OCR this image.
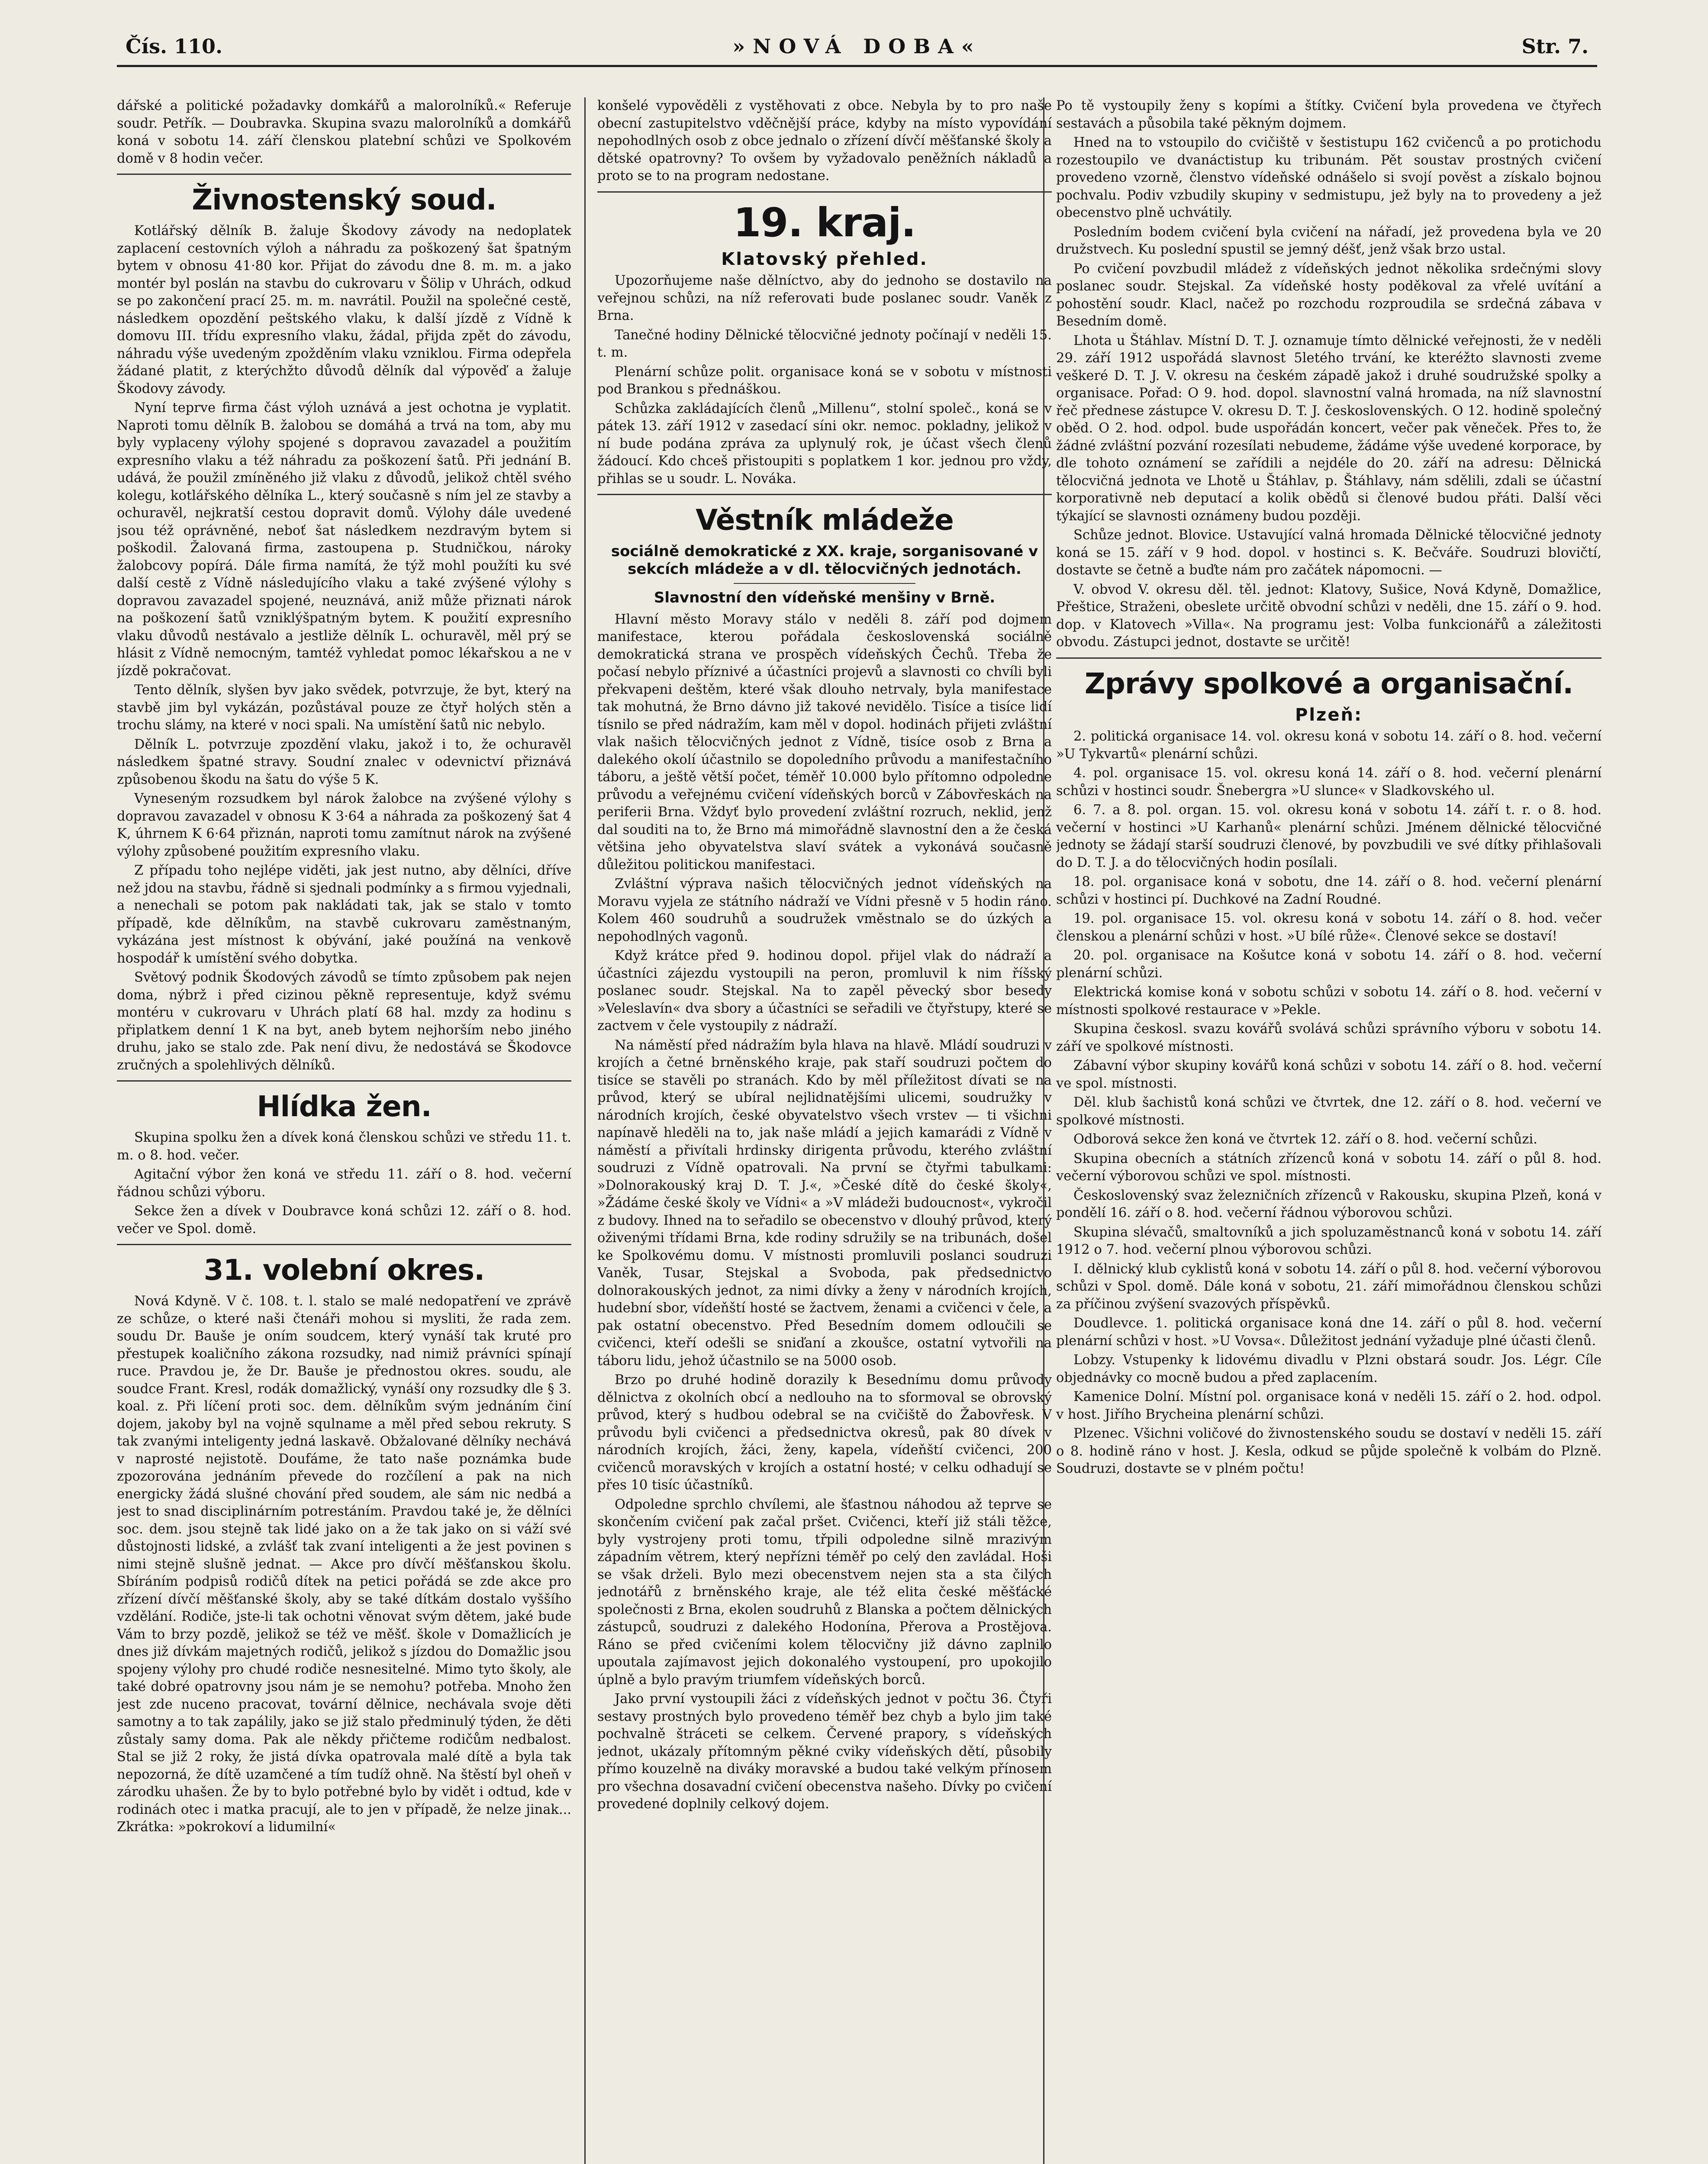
Čís. 110.	»NOVÁ DOBA«	Str. 7.

dářské a politické požadavky domkářů a malorolníků.« Referuje soudr. Petřík. — Doubravka. Skupina svazu malorolníků a domkářů koná v sobotu 14. září členskou platební schůzi ve Spolkovém domě v 8 hodin večer.

Živnostenský soud.

Kotlářský dělník B. žaluje Škodovy závody na nedoplatek zaplacení cestovních výloh a náhradu za poškozený šat špatným bytem v obnosu 41·80 kor. Přijat do závodu dne 8. m. m. a jako montér byl poslán na stavbu do cukrovaru v Šölip v Uhrách, odkud se po zakončení prací 25. m. m. navrátil. Použil na společné cestě, následkem opozdění peštského vlaku, k další jízdě z Vídně k domovu III. třídu expresního vlaku, žádal, přijda zpět do závodu, náhradu výše uvedeným zpožděním vlaku vzniklou. Firma odepřela žádané platit, z kterýchžto důvodů dělník dal výpověď a žaluje Škodovy závody.

Nyní teprve firma část výloh uznává a jest ochotna je vyplatit. Naproti tomu dělník B. žalobou se domáhá a trvá na tom, aby mu byly vyplaceny výlohy spojené s dopravou zavazadel a použitím expresního vlaku a též náhradu za poškození šatů. Při jednání B. udává, že použil zmíněného již vlaku z důvodů, jelikož chtěl svého kolegu, kotlářského dělníka L., který současně s ním jel ze stavby a ochuravěl, nejkratší cestou dopravit domů. Výlohy dále uvedené jsou též oprávněné, neboť šat následkem nezdravým bytem si poškodil. Žalovaná firma, zastoupena p. Studničkou, nároky žalobcovy popírá. Dále firma namítá, že týž mohl použíti ku své další cestě z Vídně následujícího vlaku a také zvýšené výlohy s dopravou zavazadel spojené, neuznává, aniž může přiznati nárok na poškození šatů vzniklýšpatným bytem. K použití expresního vlaku důvodů nestávalo a jestliže dělník L. ochuravěl, měl prý se hlásit z Vídně nemocným, tamtéž vyhledat pomoc lékařskou a ne v jízdě pokračovat.

Tento dělník, slyšen byv jako svědek, potvrzuje, že byt, který na stavbě jim byl vykázán, pozůstával pouze ze čtyř holých stěn a trochu slámy, na které v noci spali. Na umístění šatů nic nebylo.

Dělník L. potvrzuje zpozdění vlaku, jakož i to, že ochuravěl následkem špatné stravy. Soudní znalec v odevnictví přiznává způsobenou škodu na šatu do výše 5 K.

Vyneseným rozsudkem byl nárok žalobce na zvýšené výlohy s dopravou zavazadel v obnosu K 3·64 a náhrada za poškozený šat 4 K, úhrnem K 6·64 přiznán, naproti tomu zamítnut nárok na zvýšené výlohy způsobené použitím expresního vlaku.

Z případu toho nejlépe viděti, jak jest nutno, aby dělníci, dříve než jdou na stavbu, řádně si sjednali podmínky a s firmou vyjednali, a nenechali se potom pak nakládati tak, jak se stalo v tomto případě, kde dělníkům, na stavbě cukrovaru zaměstnaným, vykázána jest místnost k obývání, jaké použíná na venkově hospodář k umístění svého dobytka.

Světový podnik Škodových závodů se tímto způsobem pak nejen doma, nýbrž i před cizinou pěkně representuje, když svému montéru v cukrovaru v Uhrách platí 68 hal. mzdy za hodinu s připlatkem denní 1 K na byt, aneb bytem nejhorším nebo jiného druhu, jako se stalo zde. Pak není divu, že nedostává se Škodovce zručných a spolehlivých dělníků.

Hlídka žen.

Skupina spolku žen a dívek koná členskou schůzi ve středu 11. t. m. o 8. hod. večer.

Agitační výbor žen koná ve středu 11. září o 8. hod. večerní řádnou schůzi výboru.

Sekce žen a dívek v Doubravce koná schůzi 12. září o 8. hod. večer ve Spol. domě.

31. volební okres.

Nová Kdyně. V č. 108. t. l. stalo se malé nedopatření ve zprávě ze schůze, o které naši čtenáři mohou si mysliti, že rada zem. soudu Dr. Bauše je oním soudcem, který vynáší tak kruté pro přestupek koaličního zákona rozsudky, nad nimiž právníci spínají ruce. Pravdou je, že Dr. Bauše je přednostou okres. soudu, ale soudce Frant. Kresl, rodák domažlický, vynáší ony rozsudky dle § 3. koal. z. Při líčení proti soc. dem. dělníkům svým jednáním činí dojem, jakoby byl na vojně squlname a měl před sebou rekruty. S tak zvanými inteligenty jedná laskavě. Obžalované dělníky nechává v naprosté nejistotě. Doufáme, že tato naše poznámka bude zpozorována jednáním převede do rozčílení a pak na nich energicky žádá slušné chování před soudem, ale sám nic nedbá a jest to snad disciplinárním potrestáním. Pravdou také je, že dělníci soc. dem. jsou stejně tak lidé jako on a že tak jako on si váží své důstojnosti lidské, a zvlášť tak zvaní inteligenti a že jest povinen s nimi stejně slušně jednat. — Akce pro dívčí měšťanskou školu. Sbíráním podpisů rodičů dítek na petici pořádá se zde akce pro zřízení dívčí měšťanské školy, aby se také dítkám dostalo vyššího vzdělání. Rodiče, jste-li tak ochotni věnovat svým dětem, jaké bude Vám to brzy pozdě, jelikož se též ve měšť. škole v Domažlicích je dnes již dívkám majetných rodičů, jelikož s jízdou do Domažlic jsou spojeny výlohy pro chudé rodiče nesnesitelné. Mimo tyto školy, ale také dobré opatrovny jsou nám je se nemohu? potřeba. Mnoho žen jest zde nuceno pracovat, tovární dělnice, nechávala svoje děti samotny a to tak zapálily, jako se již stalo předminulý týden, že děti zůstaly samy doma. Pak ale někdy přičteme rodičům nedbalost. Stal se již 2 roky, že jistá dívka opatrovala malé dítě a byla tak nepozorná, že dítě uzamčené a tím tudíž ohně. Na štěstí byl oheň v zárodku uhašen. Že by to bylo potřebné bylo by vidět i odtud, kde v rodinách otec i matka pracují, ale to jen v případě, že nelze jinak... Zkrátka: »pokrokoví a lidumilní«

konšelé vypověděli z vystěhovati z obce. Nebyla by to pro naše obecní zastupitelstvo vděčnější práce, kdyby na místo vypovídání nepohodlných osob z obce jednalo o zřízení dívčí měšťanské školy a dětské opatrovny? To ovšem by vyžadovalo peněžních nákladů a proto se to na program nedostane.

19. kraj.
Klatovský přehled.

Upozorňujeme naše dělníctvo, aby do jednoho se dostavilo na veřejnou schůzi, na níž referovati bude poslanec soudr. Vaněk z Brna.

Tanečné hodiny Dělnické tělocvičné jednoty počínají v neděli 15. t. m.

Plenární schůze polit. organisace koná se v sobotu v místnosti pod Brankou s přednáškou.

Schůzka zakládajících členů „Millenu“, stolní společ., koná se v pátek 13. září 1912 v zasedací síni okr. nemoc. pokladny, jelikož v ní bude podána zpráva za uplynulý rok, je účast všech členů žádoucí. Kdo chceš přistoupiti s poplatkem 1 kor. jednou pro vždy, přihlas se u soudr. L. Nováka.

Věstník mládeže
sociálně demokratické z XX. kraje, sorganisované v sekcích mládeže a v dl. tělocvičných jednotách.
Slavnostní den vídeňské menšiny v Brně.

Hlavní město Moravy stálo v neděli 8. září pod dojmem manifestace, kterou pořádala československá sociálně demokratická strana ve prospěch vídeňských Čechů. Třeba že počasí nebylo příznivé a účastníci projevů a slavnosti co chvíli byli překvapeni deštěm, které však dlouho netrvaly, byla manifestace tak mohutná, že Brno dávno již takové nevidělo. Tisíce a tisíce lidí tísnilo se před nádražím, kam měl v dopol. hodinách přijeti zvláštní vlak našich tělocvičných jednot z Vídně, tisíce osob z Brna a dalekého okolí účastnilo se dopoledního průvodu a manifestačního táboru, a ještě větší počet, téměř 10.000 bylo přítomno odpoledne průvodu a veřejnému cvičení vídeňských borců v Zábovřeskách na periferii Brna. Vždyť bylo provedení zvláštní rozruch, neklid, jenž dal souditi na to, že Brno má mimořádně slavnostní den a že česká většina jeho obyvatelstva slaví svátek a vykonává současně důležitou politickou manifestaci.

Zvláštní výprava našich tělocvičných jednot vídeňských na Moravu vyjela ze státního nádraží ve Vídni přesně v 5 hodin ráno. Kolem 460 soudruhů a soudružek vměstnalo se do úzkých a nepohodlných vagonů.

Když krátce před 9. hodinou dopol. přijel vlak do nádraží a účastníci zájezdu vystoupili na peron, promluvil k nim říšský poslanec soudr. Stejskal. Na to zapěl pěvecký sbor besedy »Veleslavín« dva sbory a účastníci se seřadili ve čtyřstupy, které se zactvem v čele vystoupily z nádraží.

Na náměstí před nádražím byla hlava na hlavě. Mládí soudruzi v krojích a četné brněnského kraje, pak staří soudruzi počtem do tisíce se stavěli po stranách. Kdo by měl příležitost dívati se na průvod, který se ubíral nejlidnatějšími ulicemi, soudružky v národních krojích, české obyvatelstvo všech vrstev — ti všichni napínavě hleděli na to, jak naše mládí a jejich kamarádi z Vídně v náměstí a přivítali hrdinsky dirigenta průvodu, kterého zvláštní soudruzi z Vídně opatrovali. Na první se čtyřmi tabulkami: »Dolnorakouský kraj D. T. J.«, »České dítě do české školy«, »Žádáme české školy ve Vídni« a »V mládeži budoucnost«, vykročil z budovy. Ihned na to seřadilo se obecenstvo v dlouhý průvod, který oživenými třídami Brna, kde rodiny sdružily se na tribunách, došel ke Spolkovému domu. V místnosti promluvili poslanci soudruzi Vaněk, Tusar, Stejskal a Svoboda, pak předsednictvo dolnorakouských jednot, za nimi dívky a ženy v národních krojích, hudební sbor, vídeňští hosté se žactvem, ženami a cvičenci v čele, a pak ostatní obecenstvo. Před Besedním domem odloučili se cvičenci, kteří odešli se sniďaní a zkoušce, ostatní vytvořili na táboru lidu, jehož účastnilo se na 5000 osob.

Brzo po druhé hodině dorazily k Besednímu domu průvody dělnictva z okolních obcí a nedlouho na to sformoval se obrovský průvod, který s hudbou odebral se na cvičiště do Žabovřesk. V průvodu byli cvičenci a předsednictva okresů, pak 80 dívek v národních krojích, žáci, ženy, kapela, vídeňští cvičenci, 200 cvičenců moravských v krojích a ostatní hosté; v celku odhadují se přes 10 tisíc účastníků.

Odpoledne sprchlo chvílemi, ale šťastnou náhodou až teprve se skončením cvičení pak začal pršet. Cvičenci, kteří již stáli těžce, byly vystrojeny proti tomu, třpili odpoledne silně mrazivým západním větrem, který nepřízni téměř po celý den zavládal. Hoši se však drželi. Bylo mezi obecenstvem nejen sta a sta čilých jednotářů z brněnského kraje, ale též elita české měšťácké společnosti z Brna, ekolen soudruhů z Blanska a počtem dělnických zástupců, soudruzi z dalekého Hodonína, Přerova a Prostějova. Ráno se před cvičeními kolem tělocvičny již dávno zaplnilo upoutala zajímavost jejich dokonalého vystoupení, pro upokojilo úplně a bylo pravým triumfem vídeňských borců.

Jako první vystoupili žáci z vídeňských jednot v počtu 36. Čtyři sestavy prostných bylo provedeno téměř bez chyb a bylo jim také pochvalně štráceti se celkem. Červené prapory, s vídeňských jednot, ukázaly přítomným pěkné cviky vídeňských dětí, působily přímo kouzelně na diváky moravské a budou také velkým přínosem pro všechna dosavadní cvičení obecenstva našeho. Dívky po cvičení provedené doplnily celkový dojem.

Po tě vystoupily ženy s kopími a štítky. Cvičení byla provedena ve čtyřech sestavách a působila také pěkným dojmem.

Hned na to vstoupilo do cvičiště v šestistupu 162 cvičenců a po protichodu rozestoupilo ve dvanáctistup ku tribunám. Pět soustav prostných cvičení provedeno vzorně, členstvo vídeňské odnášelo si svojí pověst a získalo bojnou pochvalu. Podiv vzbudily skupiny v sedmistupu, jež byly na to provedeny a jež obecenstvo plně uchvátily.

Posledním bodem cvičení byla cvičení na nářadí, jež provedena byla ve 20 družstvech. Ku poslední spustil se jemný déšť, jenž však brzo ustal.

Po cvičení povzbudil mládež z vídeňských jednot několika srdečnými slovy poslanec soudr. Stejskal. Za vídeňské hosty poděkoval za vřelé uvítání a pohostění soudr. Klacl, načež po rozchodu rozproudila se srdečná zábava v Besedním domě.

Lhota u Štáhlav. Místní D. T. J. oznamuje tímto dělnické veřejnosti, že v neděli 29. září 1912 uspořádá slavnost 5letého trvání, ke kteréžto slavnosti zveme veškeré D. T. J. V. okresu na českém západě jakož i druhé soudružské spolky a organisace. Pořad: O 9. hod. dopol. slavnostní valná hromada, na níž slavnostní řeč přednese zástupce V. okresu D. T. J. československých. O 12. hodině společný oběd. O 2. hod. odpol. bude uspořádán koncert, večer pak věneček. Přes to, že žádné zvláštní pozvání rozesílati nebudeme, žádáme výše uvedené korporace, by dle tohoto oznámení se zařídili a nejdéle do 20. září na adresu: Dělnická tělocvičná jednota ve Lhotě u Štáhlav, p. Štáhlavy, nám sdělili, zdali se účastní korporativně neb deputací a kolik obědů si členové budou přáti. Další věci týkající se slavnosti oznámeny budou později.

Schůze jednot. Blovice. Ustavující valná hromada Dělnické tělocvičné jednoty koná se 15. září v 9 hod. dopol. v hostinci s. K. Bečváře. Soudruzi blovičtí, dostavte se četně a buďte nám pro začátek nápomocni. —

V. obvod V. okresu děl. těl. jednot: Klatovy, Sušice, Nová Kdyně, Domažlice, Přeštice, Straženi, obeslete určitě obvodní schůzi v neděli, dne 15. září o 9. hod. dop. v Klatovech »Villa«. Na programu jest: Volba funkcionářů a záležitosti obvodu. Zástupci jednot, dostavte se určitě!

Zprávy spolkové a organisační.
Plzeň:

2. politická organisace 14. vol. okresu koná v sobotu 14. září o 8. hod. večerní »U Tykvartů« plenární schůzi.

4. pol. organisace 15. vol. okresu koná 14. září o 8. hod. večerní plenární schůzi v hostinci soudr. Šnebergra »U slunce« v Sladkovského ul.

6. 7. a 8. pol. organ. 15. vol. okresu koná v sobotu 14. září t. r. o 8. hod. večerní v hostinci »U Karhanů« plenární schůzi. Jménem dělnické tělocvičné jednoty se žádají starší soudruzi členové, by povzbudili ve své dítky přihlašovali do D. T. J. a do tělocvičných hodin posílali.

18. pol. organisace koná v sobotu, dne 14. září o 8. hod. večerní plenární schůzi v hostinci pí. Duchkové na Zadní Roudné.

19. pol. organisace 15. vol. okresu koná v sobotu 14. září o 8. hod. večer členskou a plenární schůzi v host. »U bílé růže«. Členové sekce se dostaví!

20. pol. organisace na Košutce koná v sobotu 14. září o 8. hod. večerní plenární schůzi.

Elektrická komise koná v sobotu schůzi v sobotu 14. září o 8. hod. večerní v místnosti spolkové restaurace v »Pekle.

Skupina českosl. svazu kovářů svolává schůzi správního výboru v sobotu 14. září ve spolkové místnosti.

Zábavní výbor skupiny kovářů koná schůzi v sobotu 14. září o 8. hod. večerní ve spol. místnosti.

Děl. klub šachistů koná schůzi ve čtvrtek, dne 12. září o 8. hod. večerní ve spolkové místnosti.

Odborová sekce žen koná ve čtvrtek 12. září o 8. hod. večerní schůzi.

Skupina obecních a státních zřízenců koná v sobotu 14. září o půl 8. hod. večerní výborovou schůzi ve spol. místnosti.

Československý svaz železničních zřízenců v Rakousku, skupina Plzeň, koná v pondělí 16. září o 8. hod. večerní řádnou výborovou schůzi.

Skupina slévačů, smaltovníků a jich spoluzaměstnanců koná v sobotu 14. září 1912 o 7. hod. večerní plnou výborovou schůzi.

I. dělnický klub cyklistů koná v sobotu 14. září o půl 8. hod. večerní výborovou schůzi v Spol. domě. Dále koná v sobotu, 21. září mimořádnou členskou schůzi za příčinou zvýšení svazových příspěvků.

Doudlevce. 1. politická organisace koná dne 14. září o půl 8. hod. večerní plenární schůzi v host. »U Vovsa«. Důležitost jednání vyžaduje plné účasti členů.

Lobzy. Vstupenky k lidovému divadlu v Plzni obstará soudr. Jos. Légr. Cíle objednávky co mocně budou a před zaplacením.

Kamenice Dolní. Místní pol. organisace koná v neděli 15. září o 2. hod. odpol. v host. Jiřího Brycheina plenární schůzi.

Plzenec. Všichni voličové do živnostenského soudu se dostaví v neděli 15. září o 8. hodině ráno v host. J. Kesla, odkud se půjde společně k volbám do Plzně. Soudruzi, dostavte se v plném počtu!
